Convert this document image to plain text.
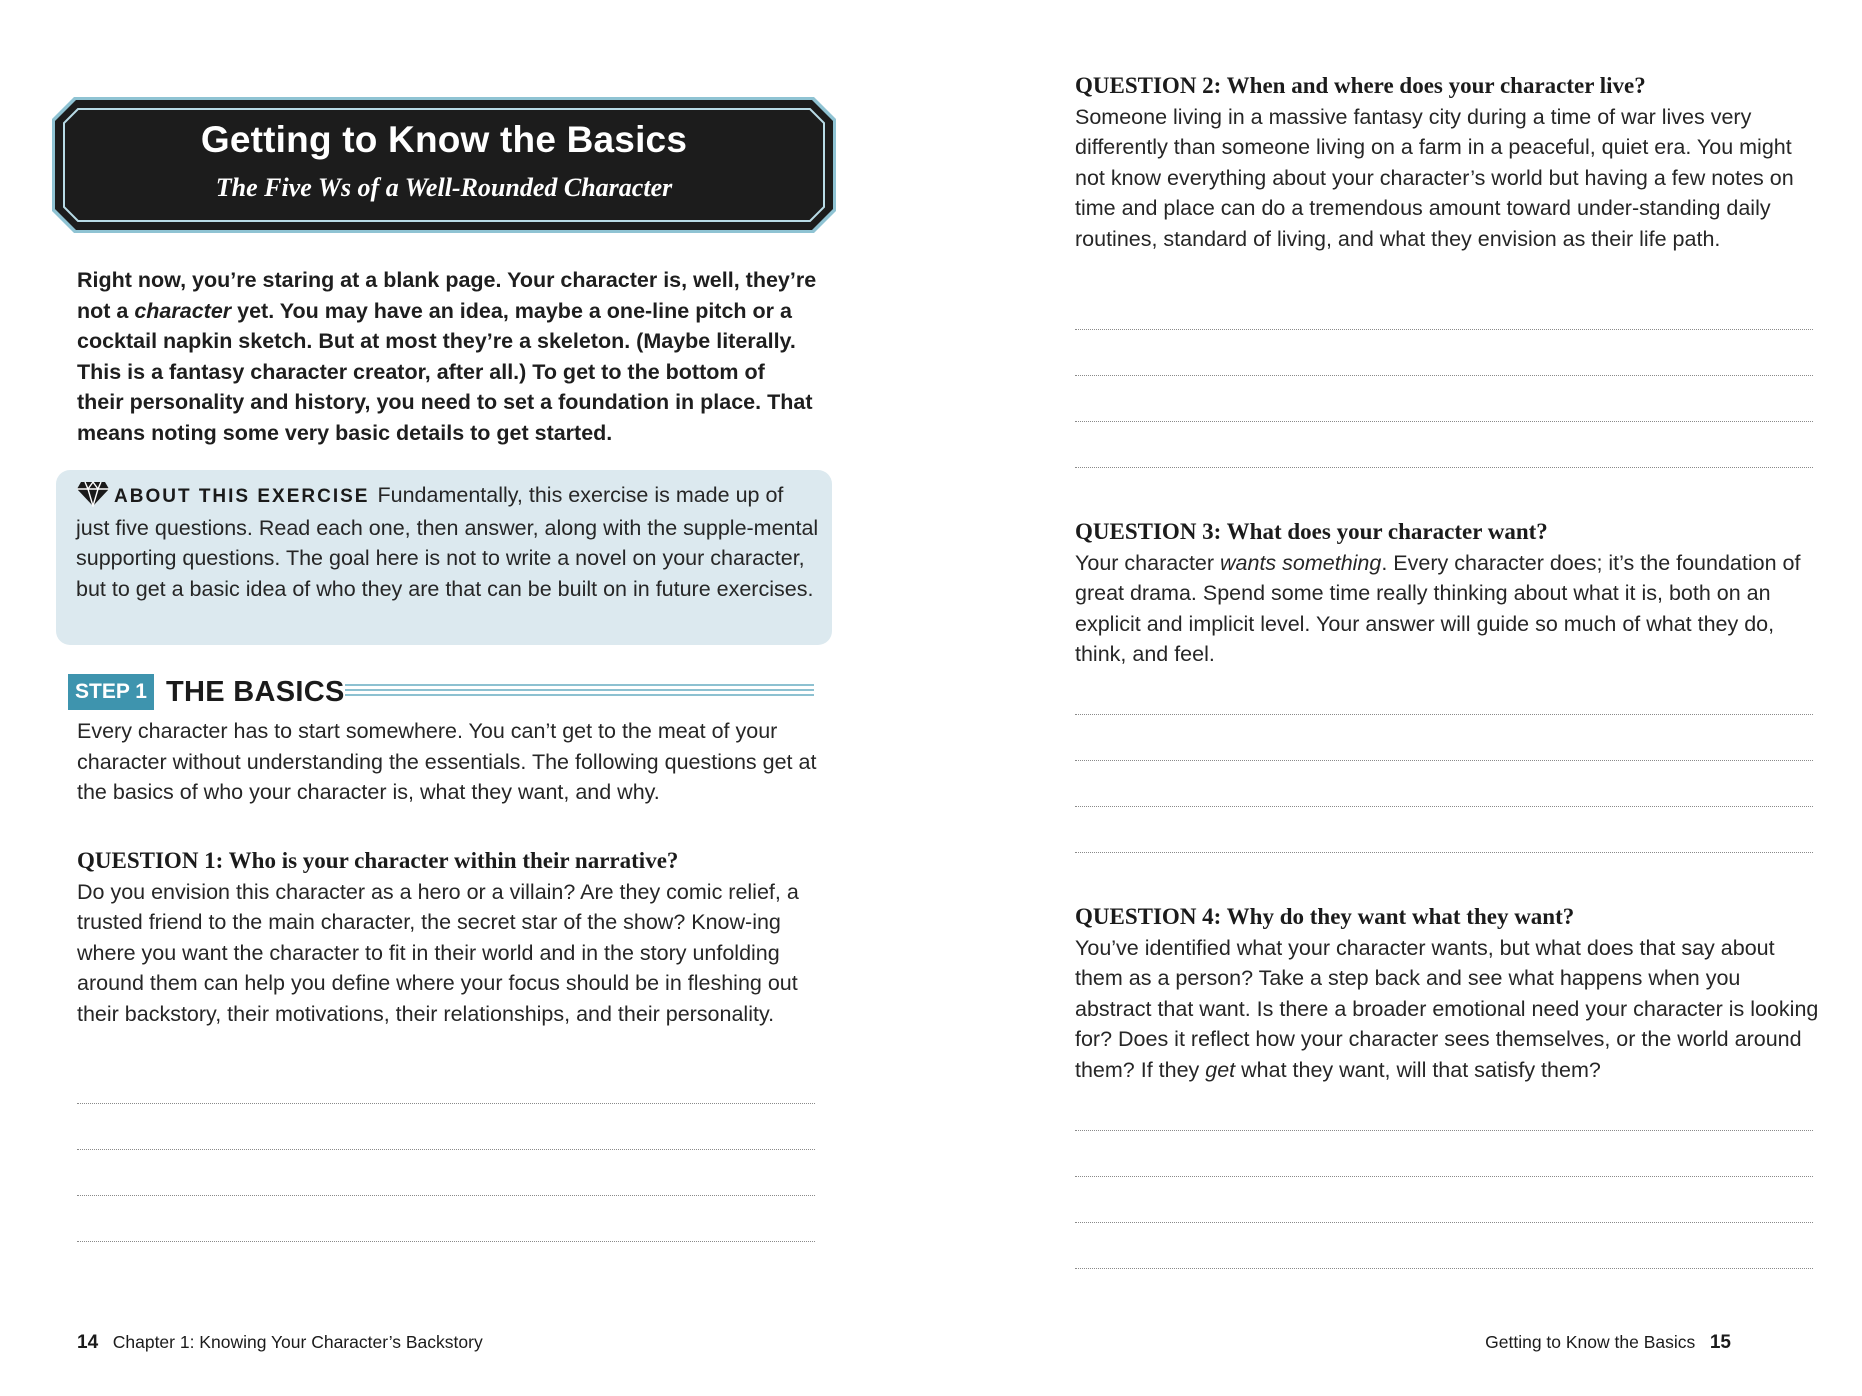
Getting to Know the Basics
The Five Ws of a Well-Rounded Character

Right now, you’re staring at a blank page. Your character is, well, they’re not a character yet. You may have an idea, maybe a one-line pitch or a cocktail napkin sketch. But at most they’re a skeleton. (Maybe literally. This is a fantasy character creator, after all.) To get to the bottom of their personality and history, you need to set a foundation in place. That means noting some very basic details to get started.

ABOUT THIS EXERCISE Fundamentally, this exercise is made up of just five questions. Read each one, then answer, along with the supple-mental supporting questions. The goal here is not to write a novel on your character, but to get a basic idea of who they are that can be built on in future exercises.

STEP 1 THE BASICS

Every character has to start somewhere. You can’t get to the meat of your character without understanding the essentials. The following questions get at the basics of who your character is, what they want, and why.

QUESTION 1: Who is your character within their narrative?

Do you envision this character as a hero or a villain? Are they comic relief, a trusted friend to the main character, the secret star of the show? Know-ing where you want the character to fit in their world and in the story unfolding around them can help you define where your focus should be in fleshing out their backstory, their motivations, their relationships, and their personality.

14 Chapter 1: Knowing Your Character’s Backstory

QUESTION 2: When and where does your character live?

Someone living in a massive fantasy city during a time of war lives very differently than someone living on a farm in a peaceful, quiet era. You might not know everything about your character’s world but having a few notes on time and place can do a tremendous amount toward under-standing daily routines, standard of living, and what they envision as their life path.

QUESTION 3: What does your character want?

Your character wants something. Every character does; it’s the foundation of great drama. Spend some time really thinking about what it is, both on an explicit and implicit level. Your answer will guide so much of what they do, think, and feel.

QUESTION 4: Why do they want what they want?

You’ve identified what your character wants, but what does that say about them as a person? Take a step back and see what happens when you abstract that want. Is there a broader emotional need your character is looking for? Does it reflect how your character sees themselves, or the world around them? If they get what they want, will that satisfy them?

Getting to Know the Basics 15
